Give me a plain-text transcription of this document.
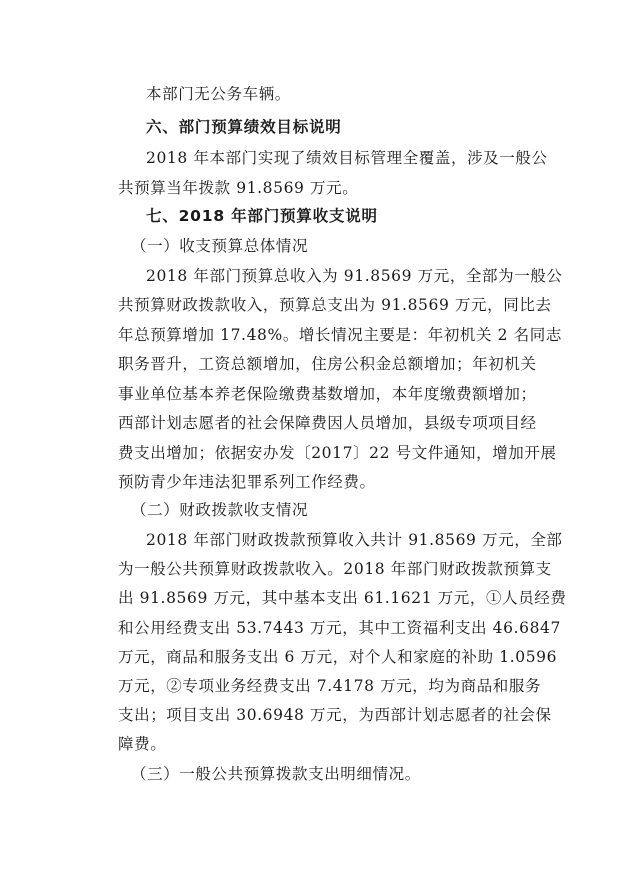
本部门无公务车辆。
六、部门预算绩效目标说明
2018 年本部门实现了绩效目标管理全覆盖，涉及一般公
共预算当年拨款 91.8569 万元。
七、2018 年部门预算收支说明
（一）收支预算总体情况
2018 年部门预算总收入为 91.8569 万元，全部为一般公
共预算财政拨款收入，预算总支出为 91.8569 万元，同比去
年总预算增加 17.48%。增长情况主要是：年初机关 2 名同志
职务晋升，工资总额增加，住房公积金总额增加；年初机关
事业单位基本养老保险缴费基数增加，本年度缴费额增加；
西部计划志愿者的社会保障费因人员增加，县级专项项目经
费支出增加；依据安办发〔2017〕22 号文件通知，增加开展
预防青少年违法犯罪系列工作经费。
（二）财政拨款收支情况
2018 年部门财政拨款预算收入共计 91.8569 万元，全部
为一般公共预算财政拨款收入。2018 年部门财政拨款预算支
出 91.8569 万元，其中基本支出 61.1621 万元，①人员经费
和公用经费支出 53.7443 万元，其中工资福利支出 46.6847
万元，商品和服务支出 6 万元，对个人和家庭的补助 1.0596
万元，②专项业务经费支出 7.4178 万元，均为商品和服务
支出；项目支出 30.6948 万元，为西部计划志愿者的社会保
障费。
（三）一般公共预算拨款支出明细情况。
